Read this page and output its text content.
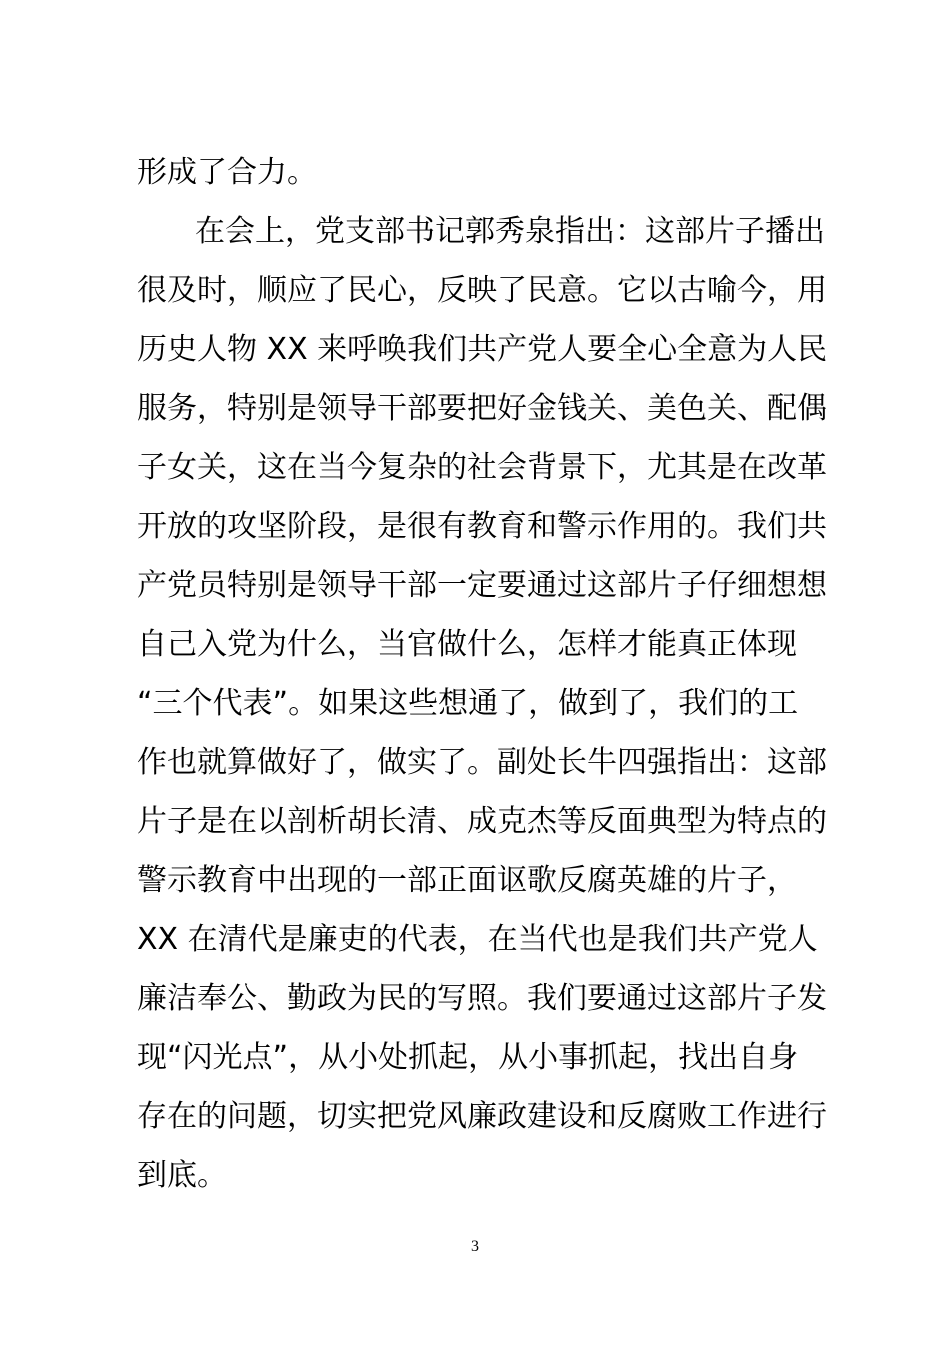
形成了合力。
在会上，党支部书记郭秀泉指出：这部片子播出
很及时，顺应了民心，反映了民意。它以古喻今，用
历史人物 XX 来呼唤我们共产党人要全心全意为人民
服务，特别是领导干部要把好金钱关、美色关、配偶
子女关，这在当今复杂的社会背景下，尤其是在改革
开放的攻坚阶段，是很有教育和警示作用的。我们共
产党员特别是领导干部一定要通过这部片子仔细想想
自己入党为什么，当官做什么，怎样才能真正体现
“三个代表”。如果这些想通了，做到了，我们的工
作也就算做好了，做实了。副处长牛四强指出：这部
片子是在以剖析胡长清、成克杰等反面典型为特点的
警示教育中出现的一部正面讴歌反腐英雄的片子，
XX 在清代是廉吏的代表，在当代也是我们共产党人
廉洁奉公、勤政为民的写照。我们要通过这部片子发
现“闪光点”，从小处抓起，从小事抓起，找出自身
存在的问题，切实把党风廉政建设和反腐败工作进行
到底。
3
